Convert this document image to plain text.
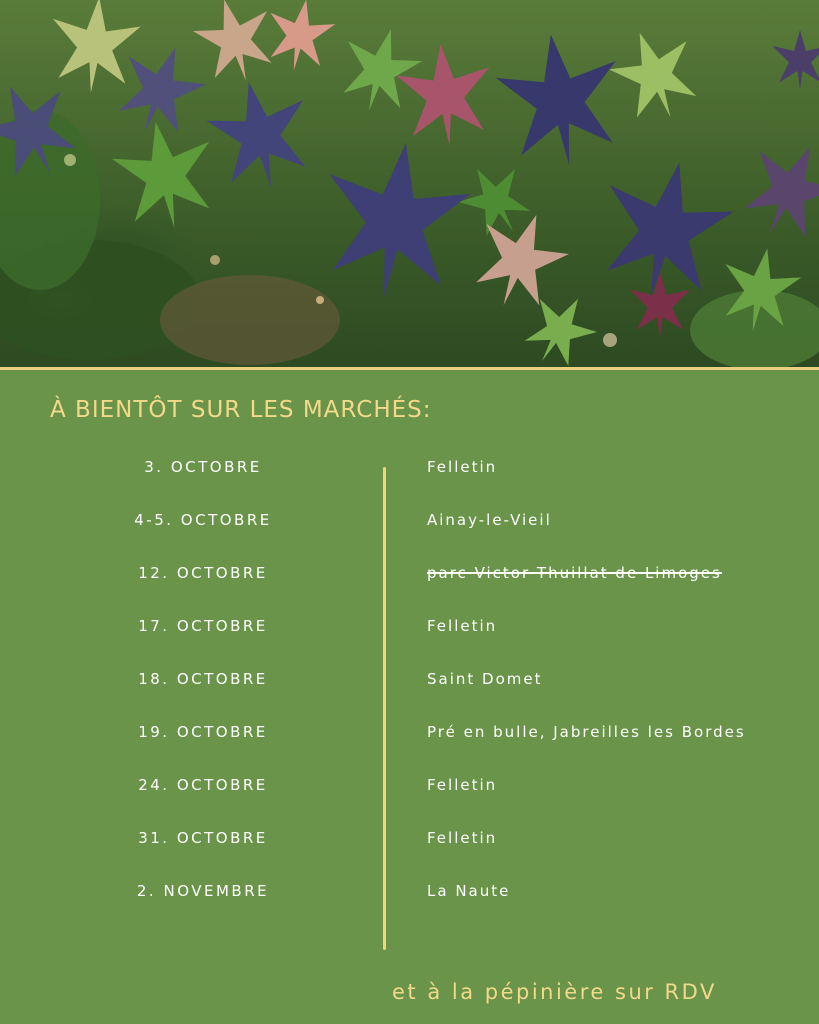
À BIENTÔT SUR LES MARCHÉS:
3. OCTOBRE	Felletin
4-5. OCTOBRE	Ainay-le-Vieil
12. OCTOBRE	parc Victor Thuillat de Limoges
17. OCTOBRE	Felletin
18. OCTOBRE	Saint Domet
19. OCTOBRE	Pré en bulle, Jabreilles les Bordes
24. OCTOBRE	Felletin
31. OCTOBRE	Felletin
2. NOVEMBRE	La Naute
et à la pépinière sur RDV
